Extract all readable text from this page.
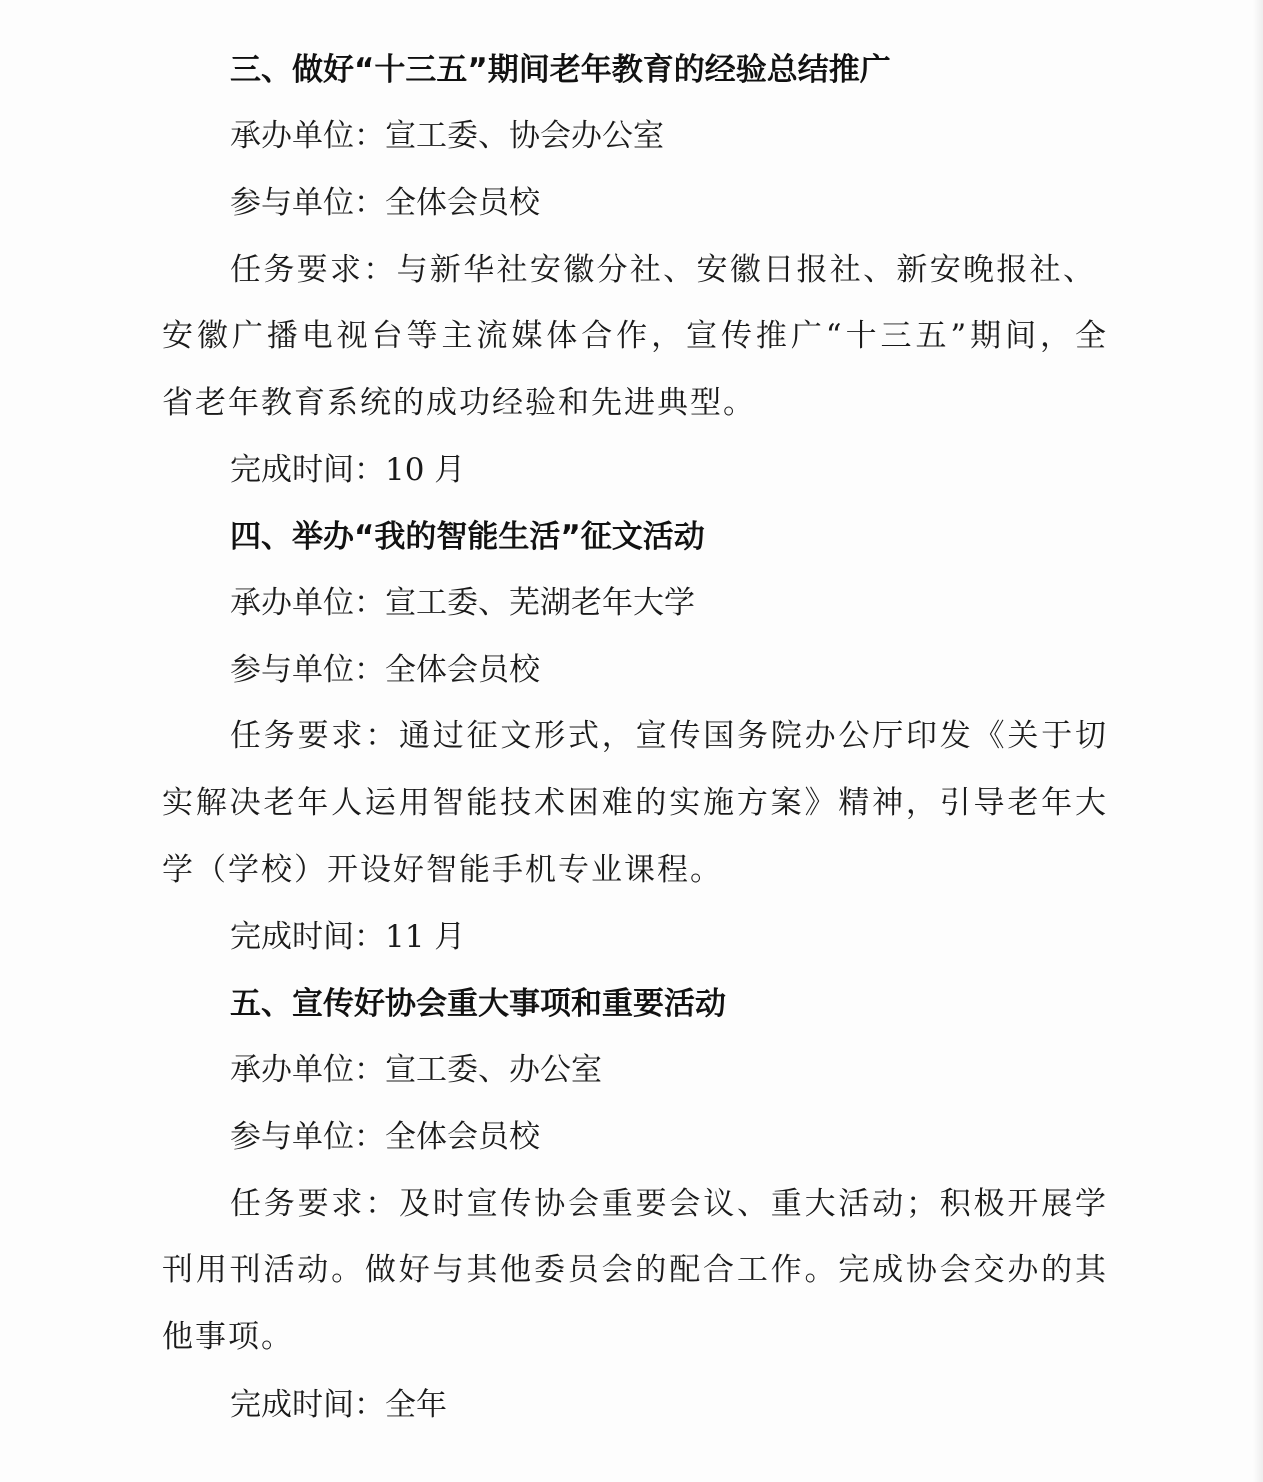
三、做好“十三五”期间老年教育的经验总结推广
承办单位：宣工委、协会办公室
参与单位：全体会员校
任务要求：与新华社安徽分社、安徽日报社、新安晚报社、
安徽广播电视台等主流媒体合作，宣传推广“十三五”期间，全
省老年教育系统的成功经验和先进典型。
完成时间：10 月
四、举办“我的智能生活”征文活动
承办单位：宣工委、芜湖老年大学
参与单位：全体会员校
任务要求：通过征文形式，宣传国务院办公厅印发《关于切
实解决老年人运用智能技术困难的实施方案》精神，引导老年大
学（学校）开设好智能手机专业课程。
完成时间：11 月
五、宣传好协会重大事项和重要活动
承办单位：宣工委、办公室
参与单位：全体会员校
任务要求：及时宣传协会重要会议、重大活动；积极开展学
刊用刊活动。做好与其他委员会的配合工作。完成协会交办的其
他事项。
完成时间：全年
